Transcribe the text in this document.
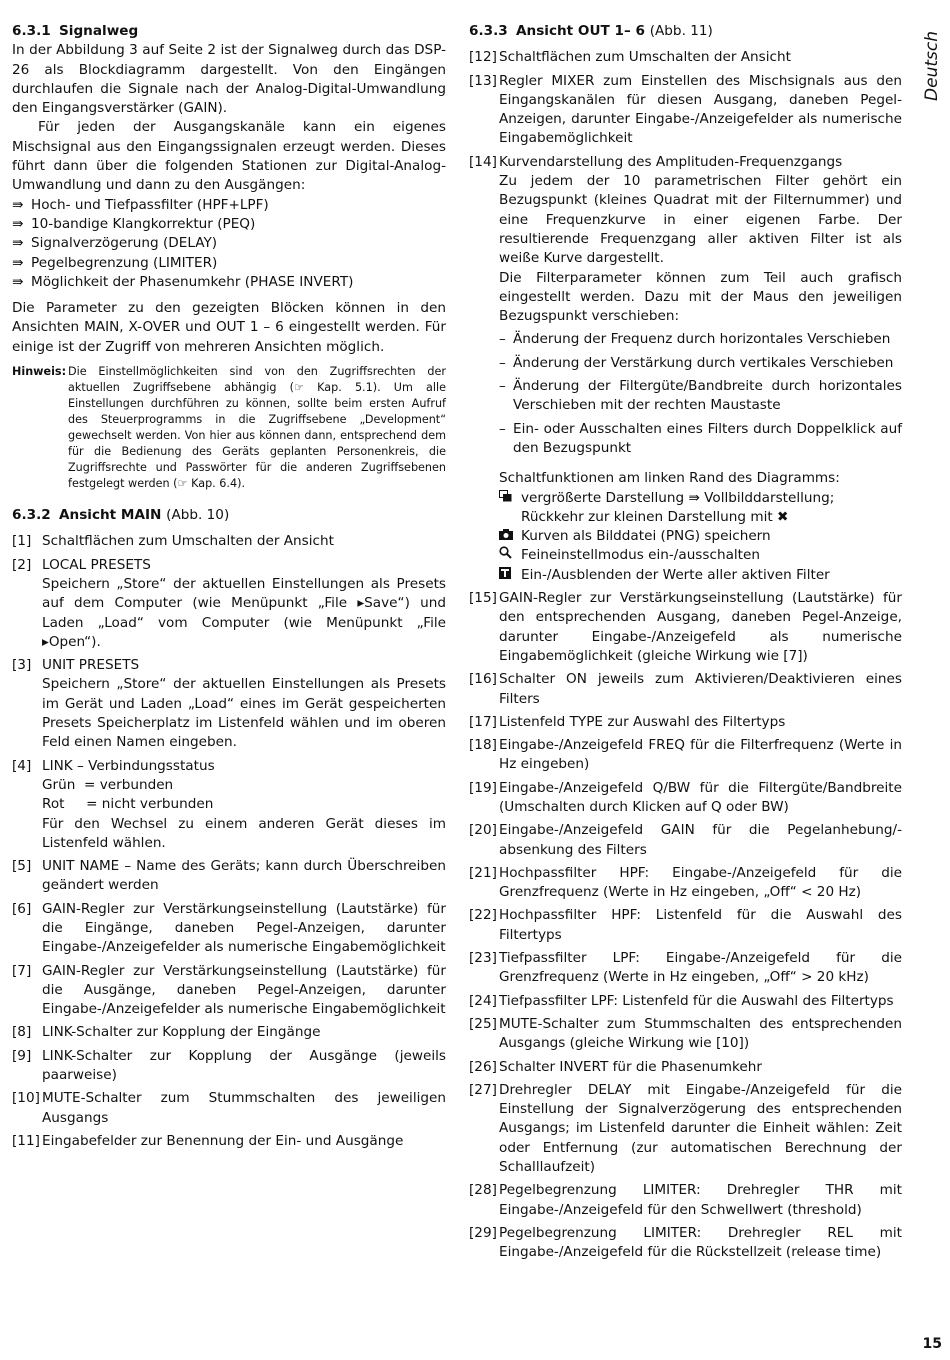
Deutsch
6.3.1 Signalweg

In der Abbildung 3 auf Seite 2 ist der Signalweg durch das DSP-26 als Blockdiagramm dargestellt. Von den Eingängen durchlaufen die Signale nach der Analog-Digital-Umwandlung den Eingangsverstärker (GAIN).

Für jeden der Ausgangskanäle kann ein eigenes Mischsignal aus den Eingangssignalen erzeugt werden. Dieses führt dann über die folgenden Stationen zur Digital-Analog-Umwandlung und dann zu den Ausgängen:

⇛ Hoch- und Tiefpassfilter (HPF+LPF)
⇛ 10-bandige Klangkorrektur (PEQ)
⇛ Signalverzögerung (DELAY)
⇛ Pegelbegrenzung (LIMITER)
⇛ Möglichkeit der Phasenumkehr (PHASE INVERT)

Die Parameter zu den gezeigten Blöcken können in den Ansichten MAIN, X-OVER und OUT 1 – 6 eingestellt werden. Für einige ist der Zugriff von mehreren Ansichten möglich.

Hinweis: Die Einstellmöglichkeiten sind von den Zugriffsrechten der aktuellen Zugriffsebene abhängig (☞ Kap. 5.1). Um alle Einstellungen durchführen zu können, sollte beim ersten Aufruf des Steuerprogramms in die Zugriffsebene „Development“ gewechselt werden. Von hier aus können dann, entsprechend dem für die Bedienung des Geräts geplanten Personenkreis, die Zugriffsrechte und Passwörter für die anderen Zugriffsebenen festgelegt werden (☞ Kap. 6.4).
6.3.2 Ansicht MAIN (Abb. 10)
[1] Schaltflächen zum Umschalten der Ansicht
[2] LOCAL PRESETS
Speichern „Store“ der aktuellen Einstellungen als Presets auf dem Computer (wie Menüpunkt „File ▸Save“) und Laden „Load“ vom Computer (wie Menüpunkt „File ▸Open“).
[3] UNIT PRESETS
Speichern „Store“ der aktuellen Einstellungen als Presets im Gerät und Laden „Load“ eines im Gerät gespeicherten Presets Speicherplatz im Listenfeld wählen und im oberen Feld einen Namen eingeben.
[4] LINK – Verbindungsstatus
Grün  = verbunden
Rot     = nicht verbunden
Für den Wechsel zu einem anderen Gerät dieses im Listenfeld wählen.
[5] UNIT NAME – Name des Geräts; kann durch Überschreiben geändert werden
[6] GAIN-Regler zur Verstärkungseinstellung (Lautstärke) für die Eingänge, daneben Pegel-Anzeigen, darunter Eingabe-/Anzeigefelder als numerische Eingabemöglichkeit
[7] GAIN-Regler zur Verstärkungseinstellung (Lautstärke) für die Ausgänge, daneben Pegel-Anzeigen, darunter Eingabe-/Anzeigefelder als numerische Eingabemöglichkeit
[8] LINK-Schalter zur Kopplung der Eingänge
[9] LINK-Schalter zur Kopplung der Ausgänge (jeweils paarweise)
[10] MUTE-Schalter zum Stummschalten des jeweiligen Ausgangs
[11] Eingabefelder zur Benennung der Ein- und Ausgänge
6.3.3 Ansicht OUT 1– 6 (Abb. 11)
[12] Schaltflächen zum Umschalten der Ansicht
[13] Regler MIXER zum Einstellen des Mischsignals aus den Eingangskanälen für diesen Ausgang, daneben Pegel-Anzeigen, darunter Eingabe-/Anzeigefelder als numerische Eingabemöglichkeit
[14] Kurvendarstellung des Amplituden-Frequenzgangs

Zu jedem der 10 parametrischen Filter gehört ein Bezugspunkt (kleines Quadrat mit der Filternummer) und eine Frequenzkurve in einer eigenen Farbe. Der resultierende Frequenzgang aller aktiven Filter ist als weiße Kurve dargestellt.

Die Filterparameter können zum Teil auch grafisch eingestellt werden. Dazu mit der Maus den jeweiligen Bezugspunkt verschieben:

– Änderung der Frequenz durch horizontales Verschieben
– Änderung der Verstärkung durch vertikales Verschieben
– Änderung der Filtergüte/Bandbreite durch horizontales Verschieben mit der rechten Maustaste
– Ein- oder Ausschalten eines Filters durch Doppelklick auf den Bezugspunkt

Schaltfunktionen am linken Rand des Diagramms:

vergrößerte Darstellung ⇛ Vollbilddarstellung;
Rückkehr zur kleinen Darstellung mit ✖
Kurven als Bilddatei (PNG) speichern
Feineinstellmodus ein-/ausschalten
Ein-/Ausblenden der Werte aller aktiven Filter
[15] GAIN-Regler zur Verstärkungseinstellung (Lautstärke) für den entsprechenden Ausgang, daneben Pegel-Anzeige, darunter Eingabe-/Anzeigefeld als numerische Eingabemöglichkeit (gleiche Wirkung wie [7])
[16] Schalter ON jeweils zum Aktivieren/Deaktivieren eines Filters
[17] Listenfeld TYPE zur Auswahl des Filtertyps
[18] Eingabe-/Anzeigefeld FREQ für die Filterfrequenz (Werte in Hz eingeben)
[19] Eingabe-/Anzeigefeld Q/BW für die Filtergüte/Bandbreite (Umschalten durch Klicken auf Q oder BW)
[20] Eingabe-/Anzeigefeld GAIN für die Pegelanhebung/-absenkung des Filters
[21] Hochpassfilter HPF: Eingabe-/Anzeigefeld für die Grenzfrequenz (Werte in Hz eingeben, „Off“ < 20 Hz)
[22] Hochpassfilter HPF: Listenfeld für die Auswahl des Filtertyps
[23] Tiefpassfilter LPF: Eingabe-/Anzeigefeld für die Grenzfrequenz (Werte in Hz eingeben, „Off“ > 20 kHz)
[24] Tiefpassfilter LPF: Listenfeld für die Auswahl des Filtertyps
[25] MUTE-Schalter zum Stummschalten des entsprechenden Ausgangs (gleiche Wirkung wie [10])
[26] Schalter INVERT für die Phasenumkehr
[27] Drehregler DELAY mit Eingabe-/Anzeigefeld für die Einstellung der Signalverzögerung des entsprechenden Ausgangs; im Listenfeld darunter die Einheit wählen: Zeit oder Entfernung (zur automatischen Berechnung der Schalllaufzeit)
[28] Pegelbegrenzung LIMITER: Drehregler THR mit Eingabe-/Anzeigefeld für den Schwellwert (threshold)
[29] Pegelbegrenzung LIMITER: Drehregler REL mit Eingabe-/Anzeigefeld für die Rückstellzeit (release time)
15
